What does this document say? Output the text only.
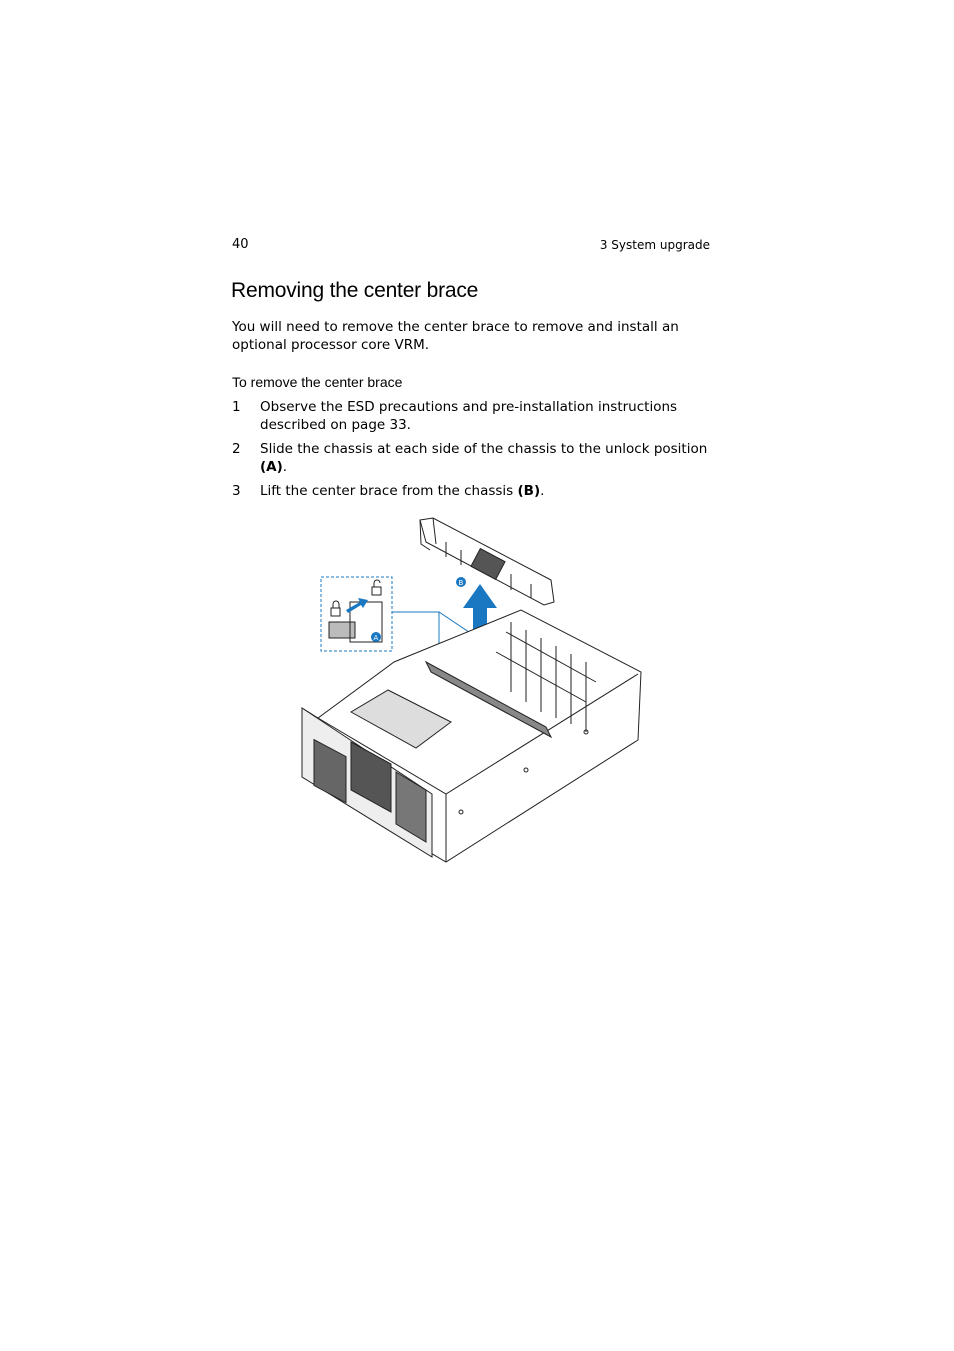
40	3 System upgrade
Removing the center brace

You will need to remove the center brace to remove and install an optional processor core VRM.

To remove the center brace
1 Observe the ESD precautions and pre-installation instructions described on page 33.
2 Slide the chassis at each side of the chassis to the unlock position (A).
3 Lift the center brace from the chassis (B).
A
B
